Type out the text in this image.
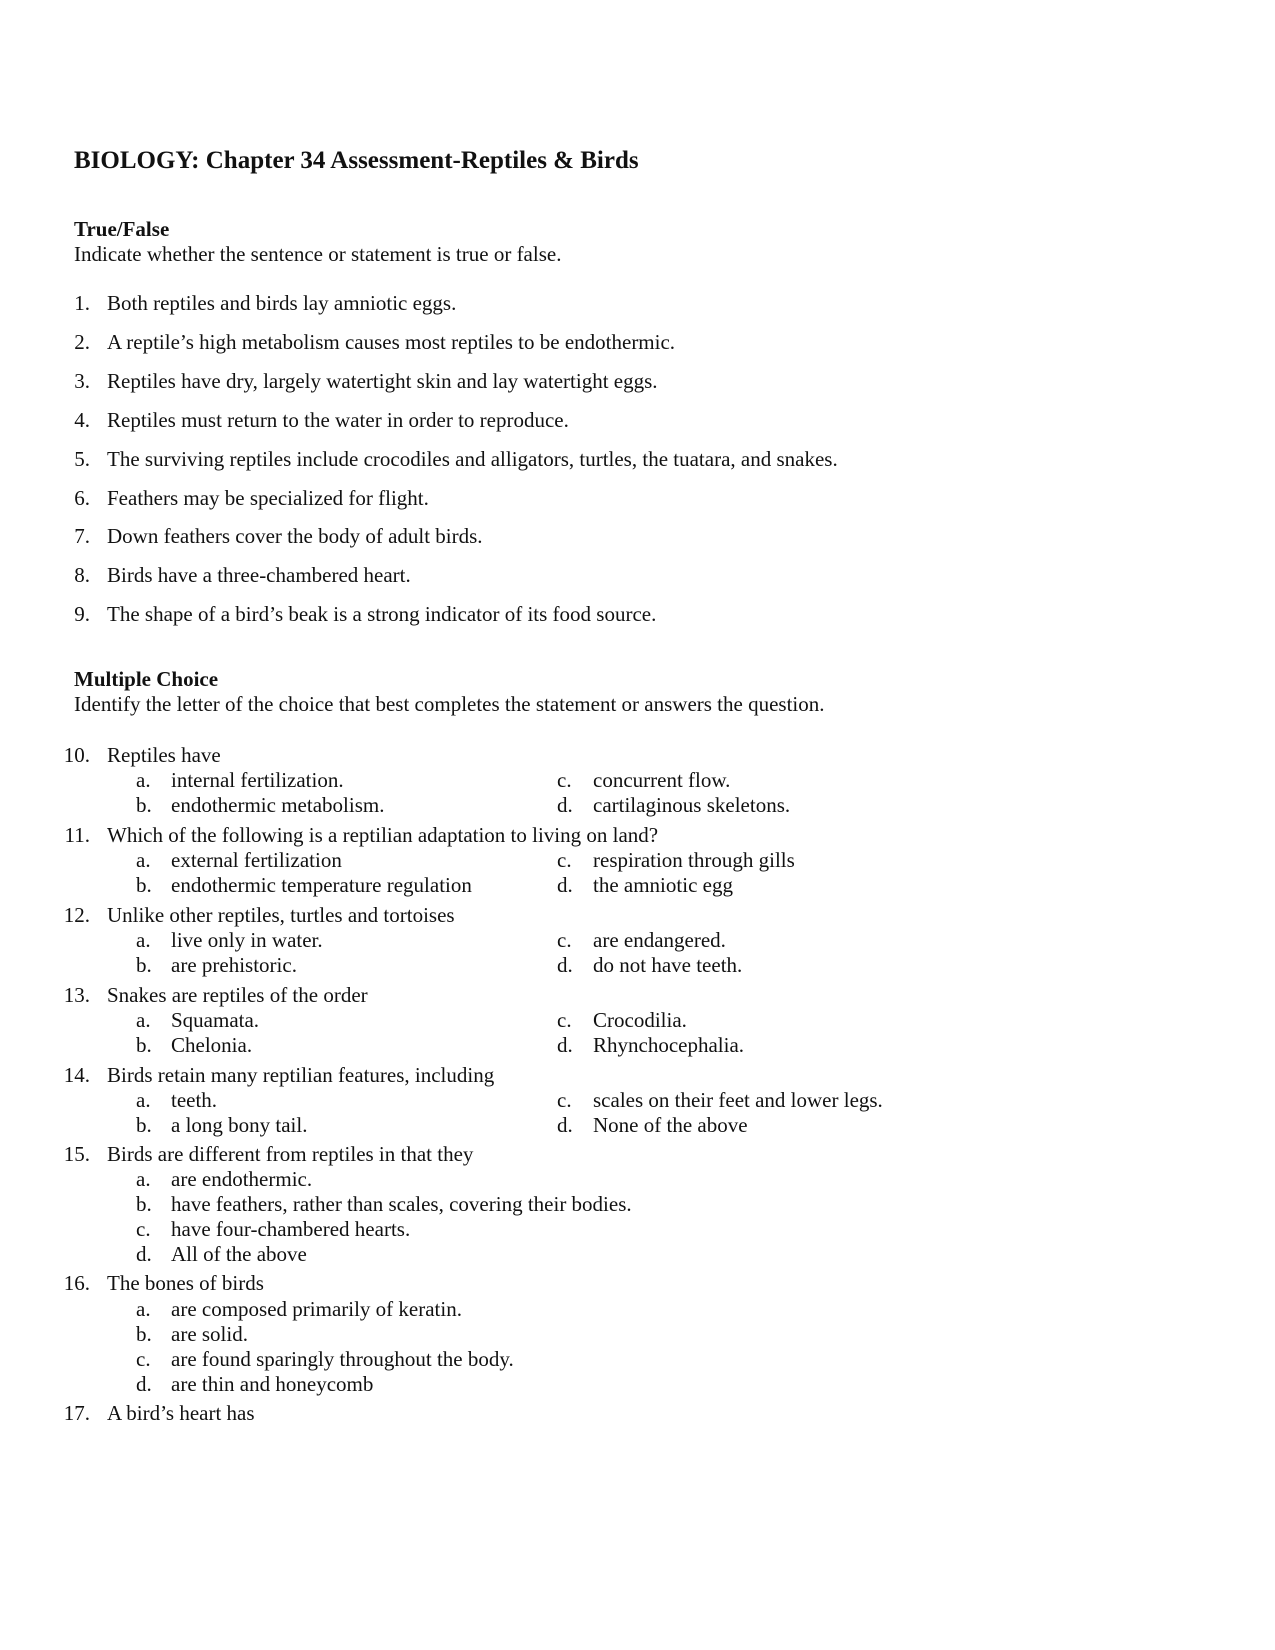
BIOLOGY: Chapter 34 Assessment-Reptiles & Birds
True/False
Indicate whether the sentence or statement is true or false.
1. Both reptiles and birds lay amniotic eggs.
2. A reptile’s high metabolism causes most reptiles to be endothermic.
3. Reptiles have dry, largely watertight skin and lay watertight eggs.
4. Reptiles must return to the water in order to reproduce.
5. The surviving reptiles include crocodiles and alligators, turtles, the tuatara, and snakes.
6. Feathers may be specialized for flight.
7. Down feathers cover the body of adult birds.
8. Birds have a three-chambered heart.
9. The shape of a bird’s beak is a strong indicator of its food source.
Multiple Choice
Identify the letter of the choice that best completes the statement or answers the question.
10. Reptiles have
a. internal fertilization.	c. concurrent flow.
b. endothermic metabolism.	d. cartilaginous skeletons.
11. Which of the following is a reptilian adaptation to living on land?
a. external fertilization	c. respiration through gills
b. endothermic temperature regulation	d. the amniotic egg
12. Unlike other reptiles, turtles and tortoises
a. live only in water.	c. are endangered.
b. are prehistoric.	d. do not have teeth.
13. Snakes are reptiles of the order
a. Squamata.	c. Crocodilia.
b. Chelonia.	d. Rhynchocephalia.
14. Birds retain many reptilian features, including
a. teeth.	c. scales on their feet and lower legs.
b. a long bony tail.	d. None of the above
15. Birds are different from reptiles in that they
a. are endothermic.
b. have feathers, rather than scales, covering their bodies.
c. have four-chambered hearts.
d. All of the above
16. The bones of birds
a. are composed primarily of keratin.
b. are solid.
c. are found sparingly throughout the body.
d. are thin and honeycomb
17. A bird’s heart has
